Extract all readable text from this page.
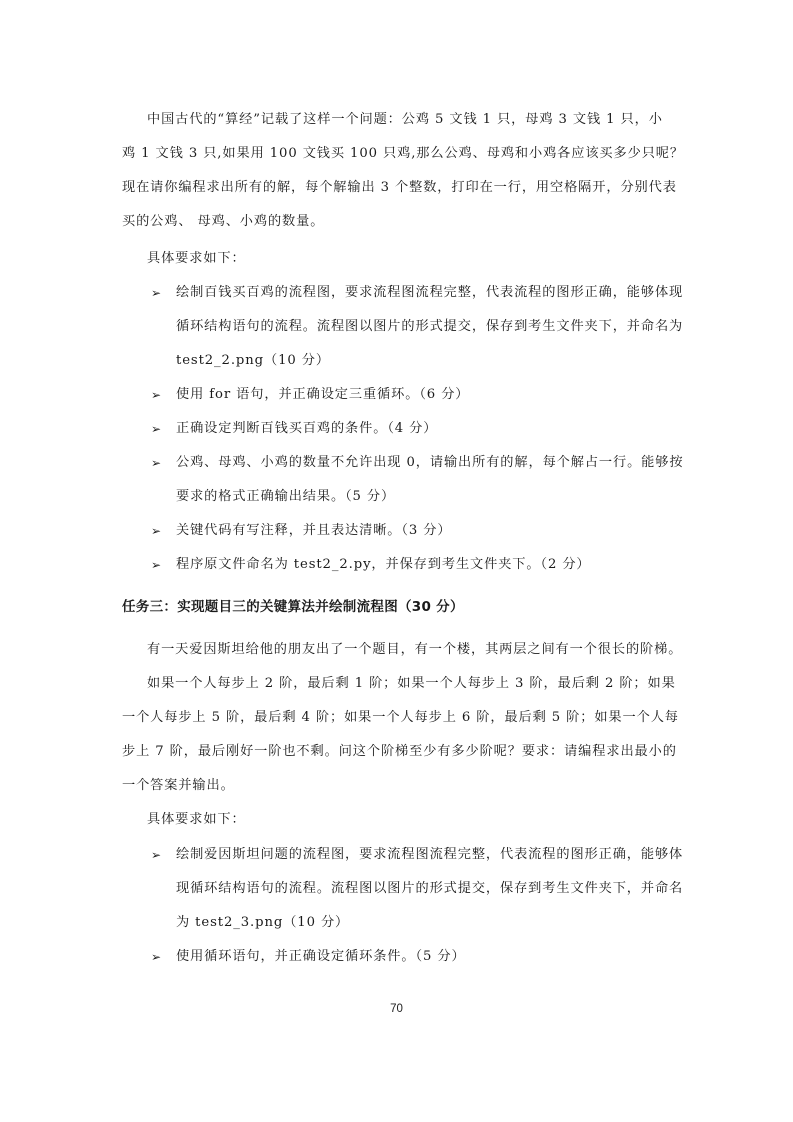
中国古代的“算经”记载了这样一个问题：公鸡 5 文钱 1 只，母鸡 3 文钱 1 只，小
鸡 1 文钱 3 只,如果用 100 文钱买 100 只鸡,那么公鸡、母鸡和小鸡各应该买多少只呢？
现在请你编程求出所有的解，每个解输出 3 个整数，打印在一行，用空格隔开，分别代表
买的公鸡、 母鸡、小鸡的数量。
具体要求如下：
➢ 绘制百钱买百鸡的流程图，要求流程图流程完整，代表流程的图形正确，能够体现
循环结构语句的流程。流程图以图片的形式提交，保存到考生文件夹下，并命名为
test2_2.png（10 分）
➢ 使用 for 语句，并正确设定三重循环。（6 分）
➢ 正确设定判断百钱买百鸡的条件。（4 分）
➢ 公鸡、母鸡、小鸡的数量不允许出现 0，请输出所有的解，每个解占一行。能够按
要求的格式正确输出结果。（5 分）
➢ 关键代码有写注释，并且表达清晰。（3 分）
➢ 程序原文件命名为 test2_2.py，并保存到考生文件夹下。（2 分）
任务三：实现题目三的关键算法并绘制流程图（30 分）
有一天爱因斯坦给他的朋友出了一个题目，有一个楼，其两层之间有一个很长的阶梯。
如果一个人每步上 2 阶，最后剩 1 阶；如果一个人每步上 3 阶，最后剩 2 阶；如果
一个人每步上 5 阶，最后剩 4 阶；如果一个人每步上 6 阶，最后剩 5 阶；如果一个人每
步上 7 阶，最后刚好一阶也不剩。问这个阶梯至少有多少阶呢？要求：请编程求出最小的
一个答案并输出。
具体要求如下：
➢ 绘制爱因斯坦问题的流程图，要求流程图流程完整，代表流程的图形正确，能够体
现循环结构语句的流程。流程图以图片的形式提交，保存到考生文件夹下，并命名
为 test2_3.png（10 分）
➢ 使用循环语句，并正确设定循环条件。（5 分）
70
